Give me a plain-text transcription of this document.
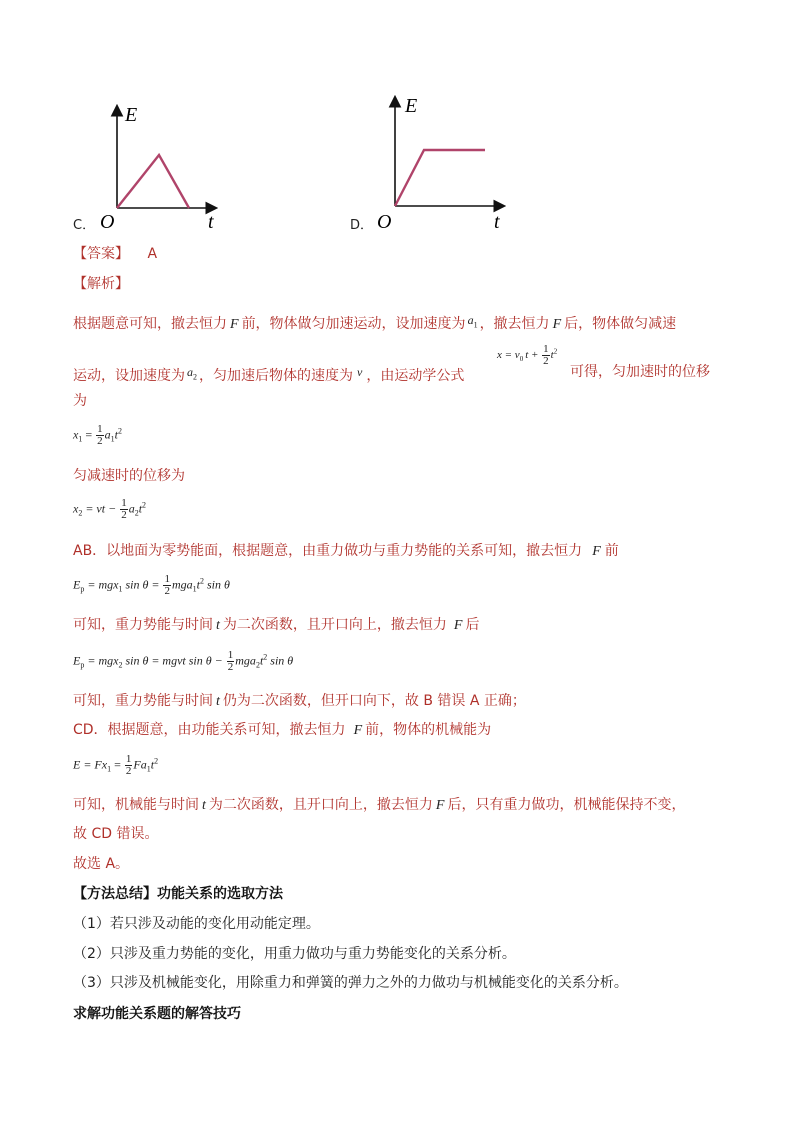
E
O	t
C．
E
O	t
D．
【答案】 A
【解析】
根据题意可知，撤去恒力 F 前，物体做匀加速运动，设加速度为 $a_1$ ，撤去恒力 F 后，物体做匀减速
运动，设加速度为 $a_2$ ，匀加速后物体的速度为 v ，由运动学公式
$x = v_0$ $t + \frac{1}{2} t^2$
可得，匀加速时的位移
为
$x_1 = \frac{1}{2} a_1t^2$
匀减速时的位移为
$x_2$ = vt − $\frac{1}{2} a_2t^2$
AB．以地面为零势能面，根据题意，由重力做功与重力势能的关系可知，撤去恒力 F 前
$E_p = mgx_1$ $\sin \theta = \frac{1}{2} mga_1t^2$ sin θ
可知，重力势能与时间 t 为二次函数，且开口向上，撤去恒力 F 后
$E_p = mgx_2$ sin θ = mgvt $\sin \theta - \frac{1}{2} mga_2t^2$ sin θ
可知，重力势能与时间 t 仍为二次函数，但开口向下，故 B 错误 A 正确；
CD．根据题意，由功能关系可知，撤去恒力 F 前，物体的机械能为
$E = Fx_1 = \frac{1}{2} Fa_1t^2$
可知，机械能与时间 t 为二次函数，且开口向上，撤去恒力 F 后，只有重力做功，机械能保持不变，
故 CD 错误。
故选 A。
【方法总结】功能关系的选取方法
（1）若只涉及动能的变化用动能定理。
（2）只涉及重力势能的变化，用重力做功与重力势能变化的关系分析。
（3）只涉及机械能变化，用除重力和弹簧的弹力之外的力做功与机械能变化的关系分析。
求解功能关系题的解答技巧
